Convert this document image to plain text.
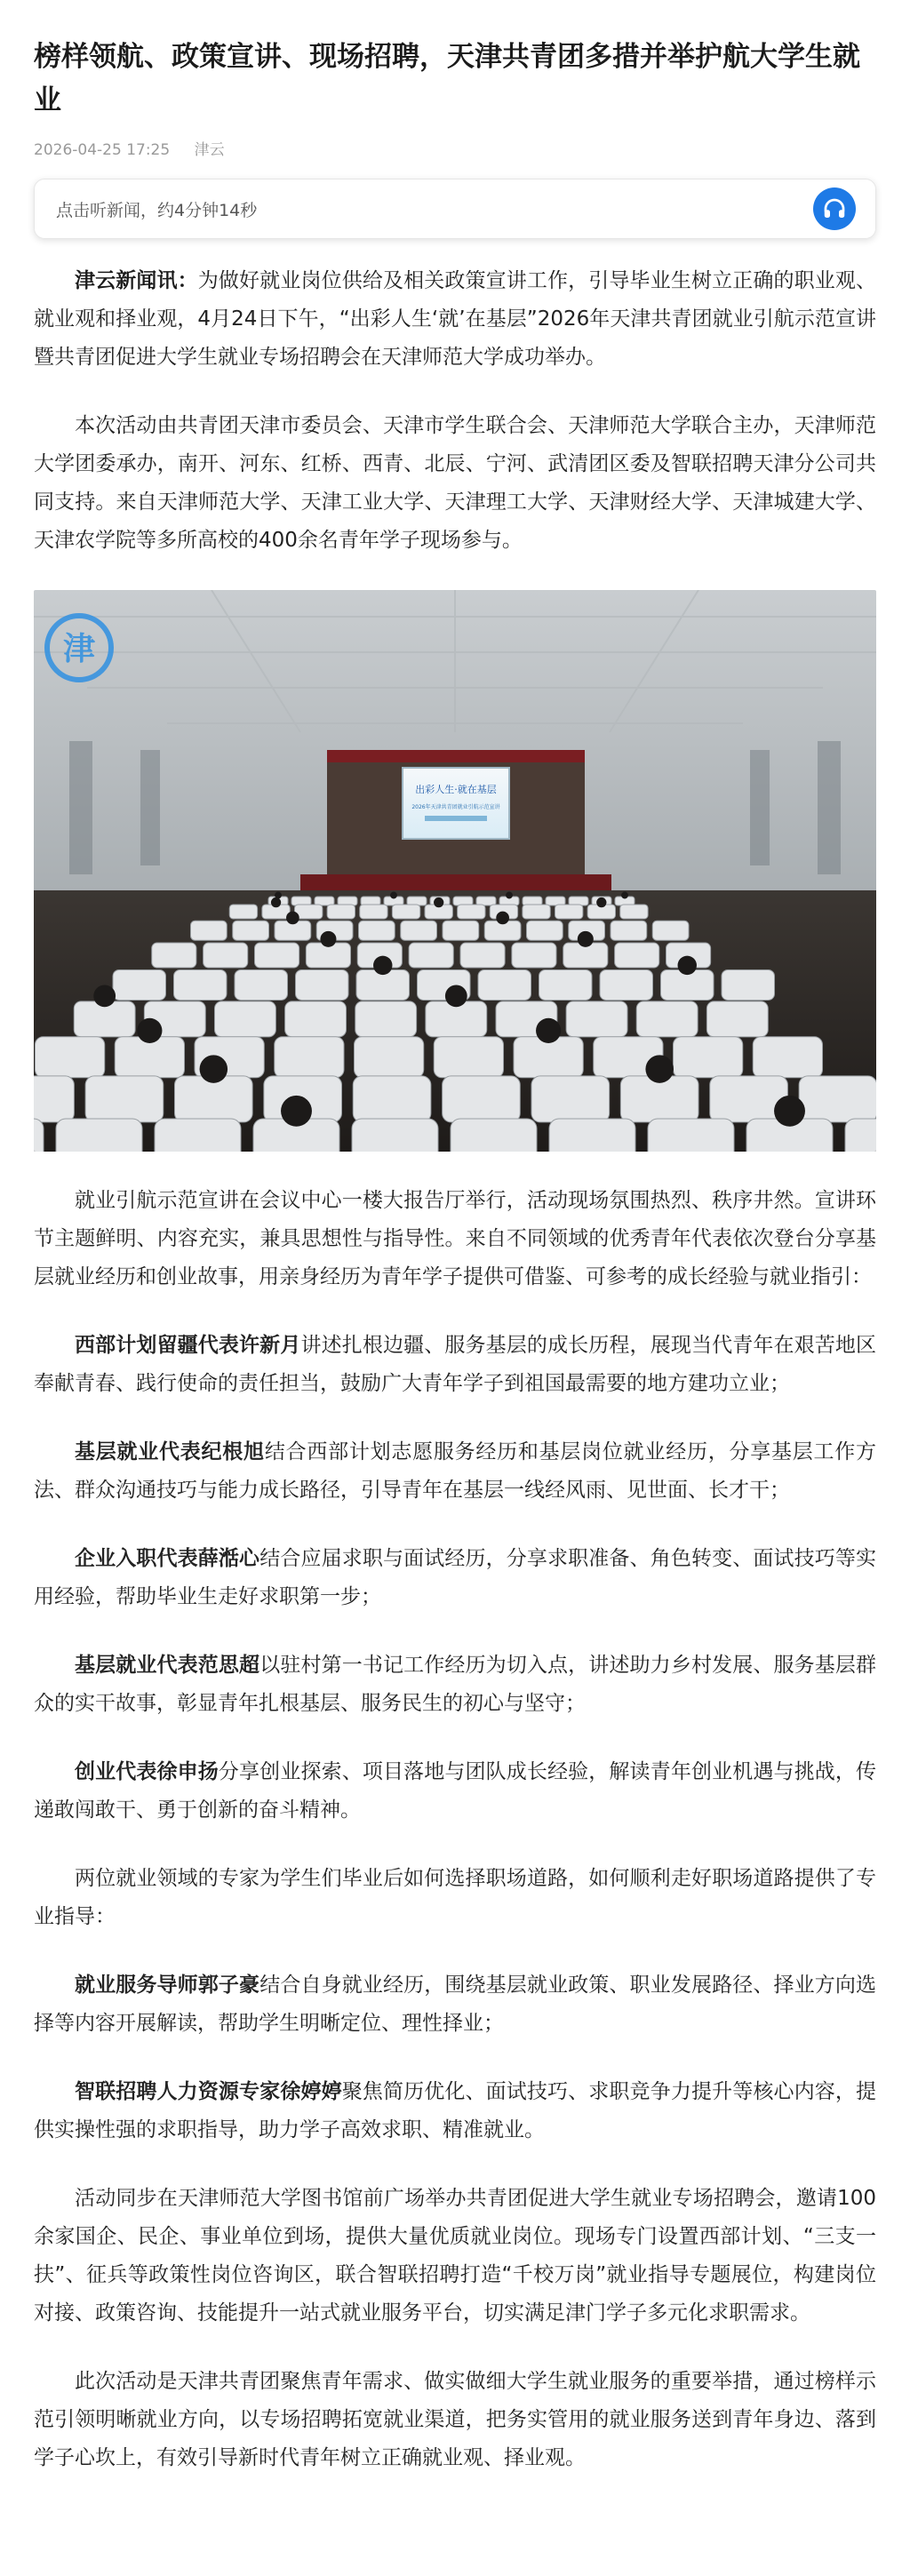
榜样领航、政策宣讲、现场招聘，天津共青团多措并举护航大学生就业
2026-04-25 17:25 津云
点击听新闻，约4分钟14秒

津云新闻讯：为做好就业岗位供给及相关政策宣讲工作，引导毕业生树立正确的职业观、就业观和择业观，4月24日下午，“出彩人生‘就’在基层”2026年天津共青团就业引航示范宣讲暨共青团促进大学生就业专场招聘会在天津师范大学成功举办。

本次活动由共青团天津市委员会、天津市学生联合会、天津师范大学联合主办，天津师范大学团委承办，南开、河东、红桥、西青、北辰、宁河、武清团区委及智联招聘天津分公司共同支持。来自天津师范大学、天津工业大学、天津理工大学、天津财经大学、天津城建大学、天津农学院等多所高校的400余名青年学子现场参与。

出彩人生·就在基层
2026年天津共青团就业引航示范宣讲
津

就业引航示范宣讲在会议中心一楼大报告厅举行，活动现场氛围热烈、秩序井然。宣讲环节主题鲜明、内容充实，兼具思想性与指导性。来自不同领域的优秀青年代表依次登台分享基层就业经历和创业故事，用亲身经历为青年学子提供可借鉴、可参考的成长经验与就业指引：

西部计划留疆代表许新月讲述扎根边疆、服务基层的成长历程，展现当代青年在艰苦地区奉献青春、践行使命的责任担当，鼓励广大青年学子到祖国最需要的地方建功立业；

基层就业代表纪根旭结合西部计划志愿服务经历和基层岗位就业经历，分享基层工作方法、群众沟通技巧与能力成长路径，引导青年在基层一线经风雨、见世面、长才干；

企业入职代表薛湉心结合应届求职与面试经历，分享求职准备、角色转变、面试技巧等实用经验，帮助毕业生走好求职第一步；

基层就业代表范思超以驻村第一书记工作经历为切入点，讲述助力乡村发展、服务基层群众的实干故事，彰显青年扎根基层、服务民生的初心与坚守；

创业代表徐申扬分享创业探索、项目落地与团队成长经验，解读青年创业机遇与挑战，传递敢闯敢干、勇于创新的奋斗精神。

两位就业领域的专家为学生们毕业后如何选择职场道路，如何顺利走好职场道路提供了专业指导：

就业服务导师郭子豪结合自身就业经历，围绕基层就业政策、职业发展路径、择业方向选择等内容开展解读，帮助学生明晰定位、理性择业；

智联招聘人力资源专家徐婷婷聚焦简历优化、面试技巧、求职竞争力提升等核心内容，提供实操性强的求职指导，助力学子高效求职、精准就业。

活动同步在天津师范大学图书馆前广场举办共青团促进大学生就业专场招聘会，邀请100余家国企、民企、事业单位到场，提供大量优质就业岗位。现场专门设置西部计划、“三支一扶”、征兵等政策性岗位咨询区，联合智联招聘打造“千校万岗”就业指导专题展位，构建岗位对接、政策咨询、技能提升一站式就业服务平台，切实满足津门学子多元化求职需求。

此次活动是天津共青团聚焦青年需求、做实做细大学生就业服务的重要举措，通过榜样示范引领明晰就业方向，以专场招聘拓宽就业渠道，把务实管用的就业服务送到青年身边、落到学子心坎上，有效引导新时代青年树立正确就业观、择业观。
